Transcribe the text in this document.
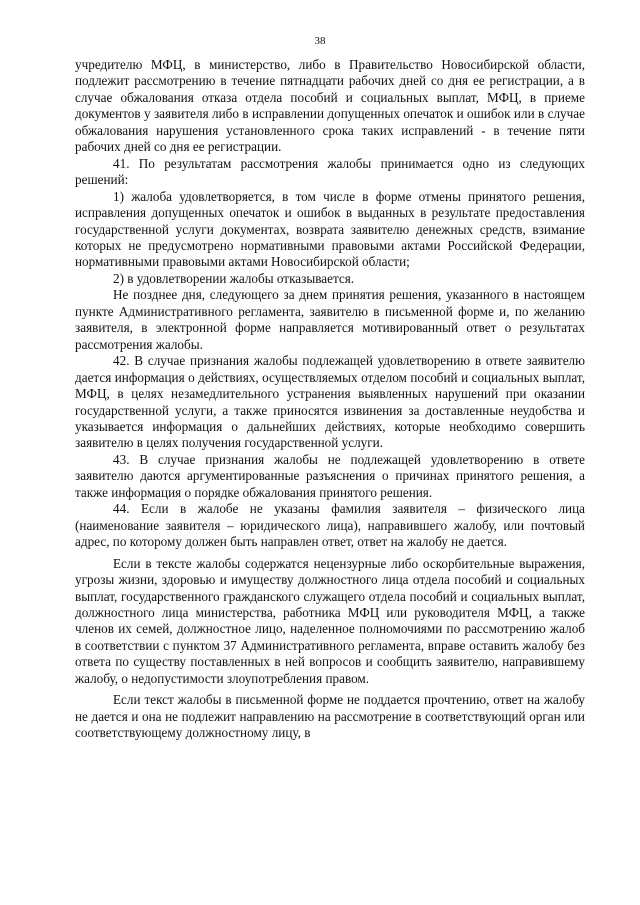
38

учредителю МФЦ, в министерство, либо в Правительство Новосибирской области, подлежит рассмотрению в течение пятнадцати рабочих дней со дня ее регистрации, а в случае обжалования отказа отдела пособий и социальных выплат, МФЦ, в приеме документов у заявителя либо в исправлении допущенных опечаток и ошибок или в случае обжалования нарушения установленного срока таких исправлений - в течение пяти рабочих дней со дня ее регистрации.

41. По результатам рассмотрения жалобы принимается одно из следующих решений:

1) жалоба удовлетворяется, в том числе в форме отмены принятого решения, исправления допущенных опечаток и ошибок в выданных в результате предоставления государственной услуги документах, возврата заявителю денежных средств, взимание которых не предусмотрено нормативными правовыми актами Российской Федерации, нормативными правовыми актами Новосибирской области;

2) в удовлетворении жалобы отказывается.

Не позднее дня, следующего за днем принятия решения, указанного в настоящем пункте Административного регламента, заявителю в письменной форме и, по желанию заявителя, в электронной форме направляется мотивированный ответ о результатах рассмотрения жалобы.

42. В случае признания жалобы подлежащей удовлетворению в ответе заявителю дается информация о действиях, осуществляемых отделом пособий и социальных выплат, МФЦ, в целях незамедлительного устранения выявленных нарушений при оказании государственной услуги, а также приносятся извинения за доставленные неудобства и указывается информация о дальнейших действиях, которые необходимо совершить заявителю в целях получения государственной услуги.

43. В случае признания жалобы не подлежащей удовлетворению в ответе заявителю даются аргументированные разъяснения о причинах принятого решения, а также информация о порядке обжалования принятого решения.

44. Если в жалобе не указаны фамилия заявителя – физического лица (наименование заявителя – юридического лица), направившего жалобу, или почтовый адрес, по которому должен быть направлен ответ, ответ на жалобу не дается.

Если в тексте жалобы содержатся нецензурные либо оскорбительные выражения, угрозы жизни, здоровью и имуществу должностного лица отдела пособий и социальных выплат, государственного гражданского служащего отдела пособий и социальных выплат, должностного лица министерства, работника МФЦ или руководителя МФЦ, а также членов их семей, должностное лицо, наделенное полномочиями по рассмотрению жалоб в соответствии с пунктом 37 Административного регламента, вправе оставить жалобу без ответа по существу поставленных в ней вопросов и сообщить заявителю, направившему жалобу, о недопустимости злоупотребления правом.

Если текст жалобы в письменной форме не поддается прочтению, ответ на жалобу не дается и она не подлежит направлению на рассмотрение в соответствующий орган или соответствующему должностному лицу, в
